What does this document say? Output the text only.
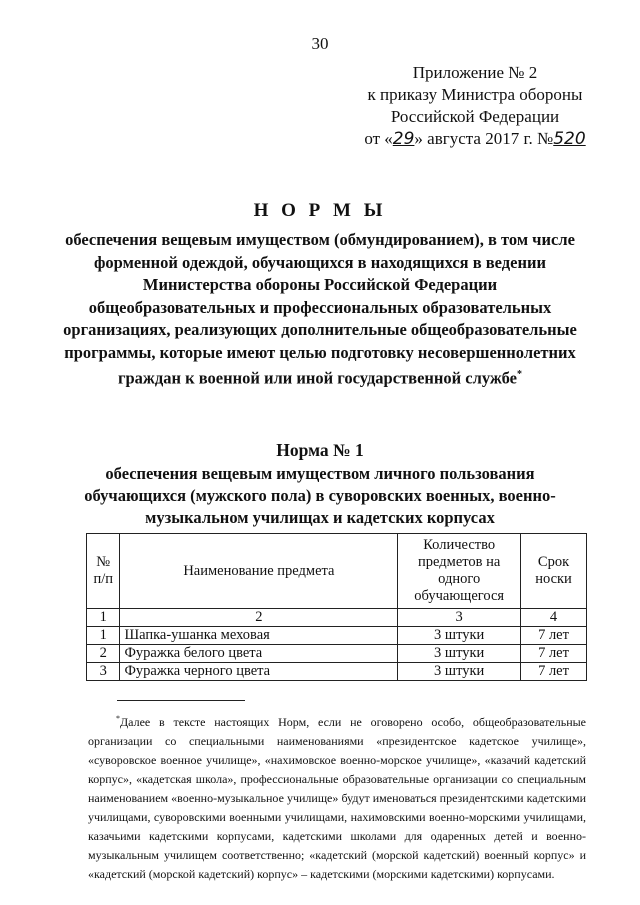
30
Приложение № 2
к приказу Министра обороны
Российской Федерации
от «29» августа 2017 г. №520
Н О Р М Ы
обеспечения вещевым имуществом (обмундированием), в том числе форменной одеждой, обучающихся в находящихся в ведении Министерства обороны Российской Федерации общеобразовательных и профессиональных образовательных организациях, реализующих дополнительные общеобразовательные программы, которые имеют целью подготовку несовершеннолетних граждан к военной или иной государственной службе*
Норма № 1
обеспечения вещевым имуществом личного пользования обучающихся (мужского пола) в суворовских военных, военно-музыкальном училищах и кадетских корпусах
№ п/п	Наименование предмета	Количество предметов на одного обучающегося	Срок носки
1	2	3	4
1	Шапка-ушанка меховая	3 штуки	7 лет
2	Фуражка белого цвета	3 штуки	7 лет
3	Фуражка черного цвета	3 штуки	7 лет
*Далее в тексте настоящих Норм, если не оговорено особо, общеобразовательные организации со специальными наименованиями «президентское кадетское училище», «суворовское военное училище», «нахимовское военно-морское училище», «казачий кадетский корпус», «кадетская школа», профессиональные образовательные организации со специальным наименованием «военно-музыкальное училище» будут именоваться президентскими кадетскими училищами, суворовскими военными училищами, нахимовскими военно-морскими училищами, казачьими кадетскими корпусами, кадетскими школами для одаренных детей и военно-музыкальным училищем соответственно; «кадетский (морской кадетский) военный корпус» и «кадетский (морской кадетский) корпус» – кадетскими (морскими кадетскими) корпусами.
